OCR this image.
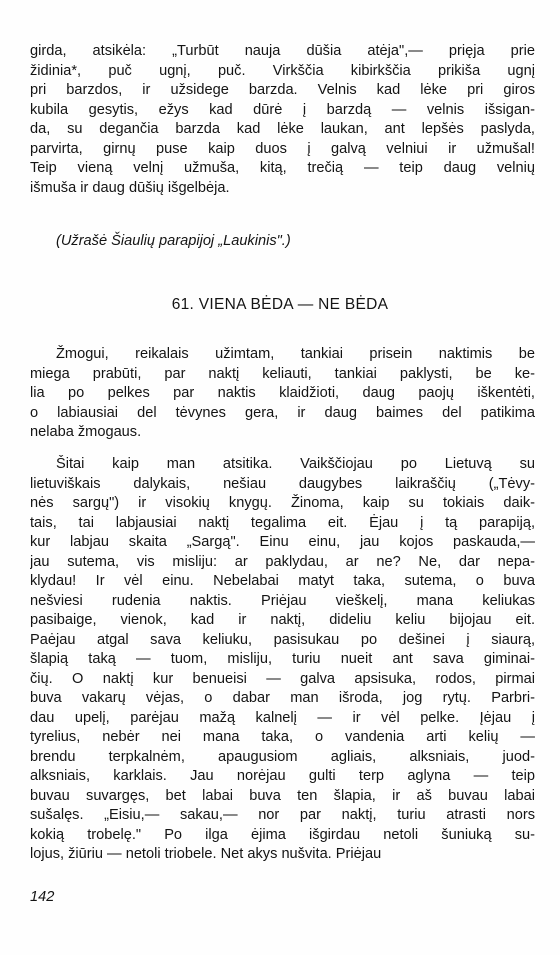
girda, atsikėla: „Turbūt nauja dūšia atėja",— prięja prie
židinia*, puč ugnį, puč. Virkščia kibirkščia prikiša ugnį
pri barzdos, ir užsidege barzda. Velnis kad lėke pri giros
kubila gesytis, ežys kad dūrė į barzdą — velnis išsigan-
da, su degančia barzda kad lėke laukan, ant lepšės paslyda,
parvirta, girnų puse kaip duos į galvą velniui ir užmušal!
Teip vieną velnį užmuša, kitą, trečią — teip daug velnių
išmuša ir daug dūšių išgelbėja.
(Užrašė Šiaulių parapijoj „Laukinis".)
61. VIENA BĖDA — NE BĖDA
Žmogui, reikalais užimtam, tankiai prisein naktimis be
miega prabūti, par naktį keliauti, tankiai paklysti, be ke-
lia po pelkes par naktis klaidžioti, daug paojų iškentėti,
o labiausiai del tėvynes gera, ir daug baimes del patikima
nelaba žmogaus.
Šitai kaip man atsitika. Vaikščiojau po Lietuvą su
lietuviškais dalykais, nešiau daugybes laikraščių („Tėvy-
nės sargų") ir visokių knygų. Žinoma, kaip su tokiais daik-
tais, tai labjausiai naktį tegalima eit. Ėjau į tą parapiją,
kur labjau skaita „Sargą". Einu einu, jau kojos paskauda,—
jau sutema, vis misliju: ar paklydau, ar ne? Ne, dar nepa-
klydau! Ir vėl einu. Nebelabai matyt taka, sutema, o buva
nešviesi rudenia naktis. Priėjau vieškelį, mana keliukas
pasibaige, vienok, kad ir naktį, dideliu keliu bijojau eit.
Paėjau atgal sava keliuku, pasisukau po dešinei į siaurą,
šlapią taką — tuom, misliju, turiu nueit ant sava giminai-
čių. O naktį kur benueisi — galva apsisuka, rodos, pirmai
buva vakarų vėjas, o dabar man išroda, jog rytų. Parbri-
dau upelį, parėjau mažą kalnelį — ir vėl pelke. Įėjau į
tyrelius, nebėr nei mana taka, o vandenia arti kelių —
brendu terpkalnėm, apaugusiom agliais, alksniais, juod-
alksniais, karklais. Jau norėjau gulti terp aglyna — teip
buvau suvargęs, bet labai buva ten šlapia, ir aš buvau labai
sušalęs. „Eisiu,— sakau,— nor par naktį, turiu atrasti nors
kokią trobelę." Po ilga ėjima išgirdau netoli šuniuką su-
lojus, žiūriu — netoli triobele. Net akys nušvita. Priėjau
142
